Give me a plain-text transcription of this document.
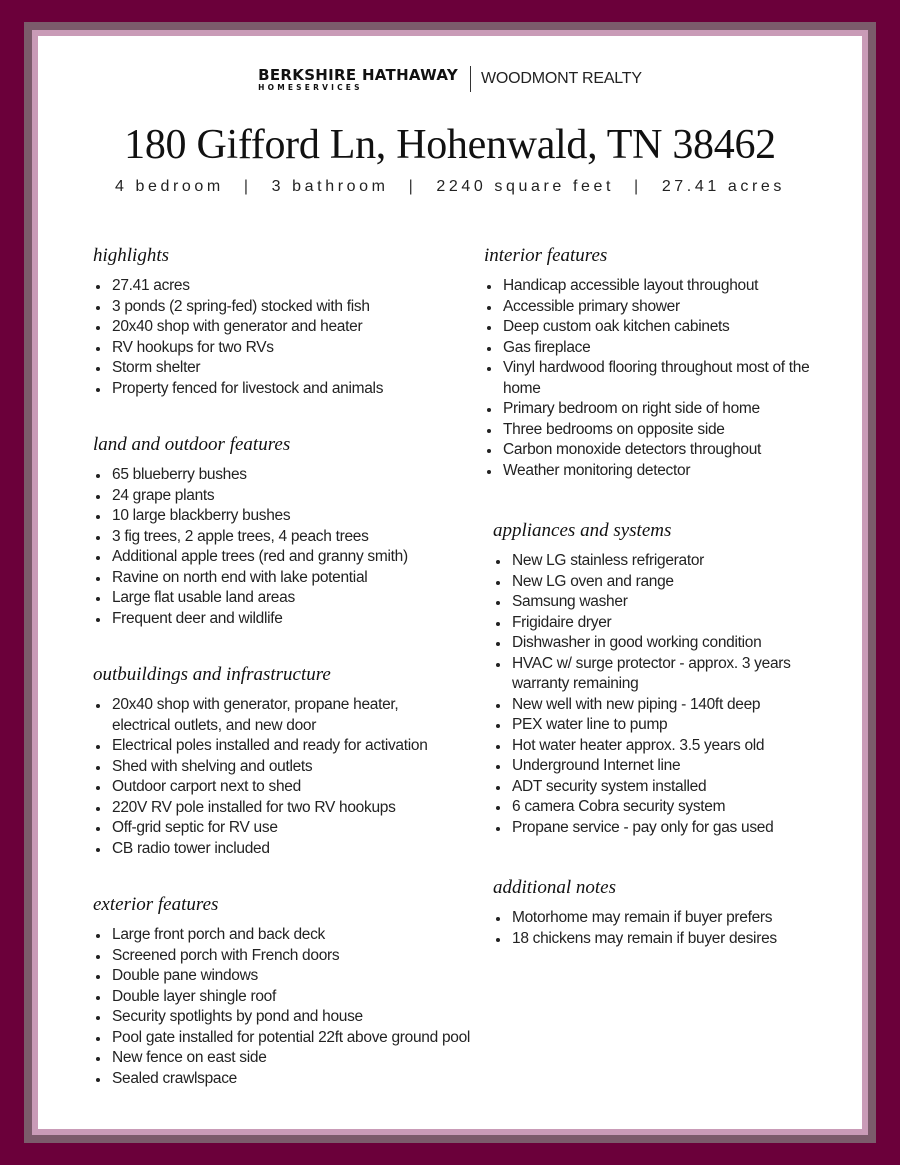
BERKSHIRE HATHAWAY
HOMESERVICES	WOODMONT REALTY
180 Gifford Ln, Hohenwald, TN 38462
4 bedroom | 3 bathroom | 2240 square feet | 27.41 acres
highlights
27.41 acres
3 ponds (2 spring-fed) stocked with fish
20x40 shop with generator and heater
RV hookups for two RVs
Storm shelter
Property fenced for livestock and animals
land and outdoor features
65 blueberry bushes
24 grape plants
10 large blackberry bushes
3 fig trees, 2 apple trees, 4 peach trees
Additional apple trees (red and granny smith)
Ravine on north end with lake potential
Large flat usable land areas
Frequent deer and wildlife
outbuildings and infrastructure
20x40 shop with generator, propane heater, electrical outlets, and new door
Electrical poles installed and ready for activation
Shed with shelving and outlets
Outdoor carport next to shed
220V RV pole installed for two RV hookups
Off-grid septic for RV use
CB radio tower included
exterior features
Large front porch and back deck
Screened porch with French doors
Double pane windows
Double layer shingle roof
Security spotlights by pond and house
Pool gate installed for potential 22ft above ground pool
New fence on east side
Sealed crawlspace
interior features
Handicap accessible layout throughout
Accessible primary shower
Deep custom oak kitchen cabinets
Gas fireplace
Vinyl hardwood flooring throughout most of the home
Primary bedroom on right side of home
Three bedrooms on opposite side
Carbon monoxide detectors throughout
Weather monitoring detector
appliances and systems
New LG stainless refrigerator
New LG oven and range
Samsung washer
Frigidaire dryer
Dishwasher in good working condition
HVAC w/ surge protector - approx. 3 years warranty remaining
New well with new piping - 140ft deep
PEX water line to pump
Hot water heater approx. 3.5 years old
Underground Internet line
ADT security system installed
6 camera Cobra security system
Propane service - pay only for gas used
additional notes
Motorhome may remain if buyer prefers
18 chickens may remain if buyer desires
